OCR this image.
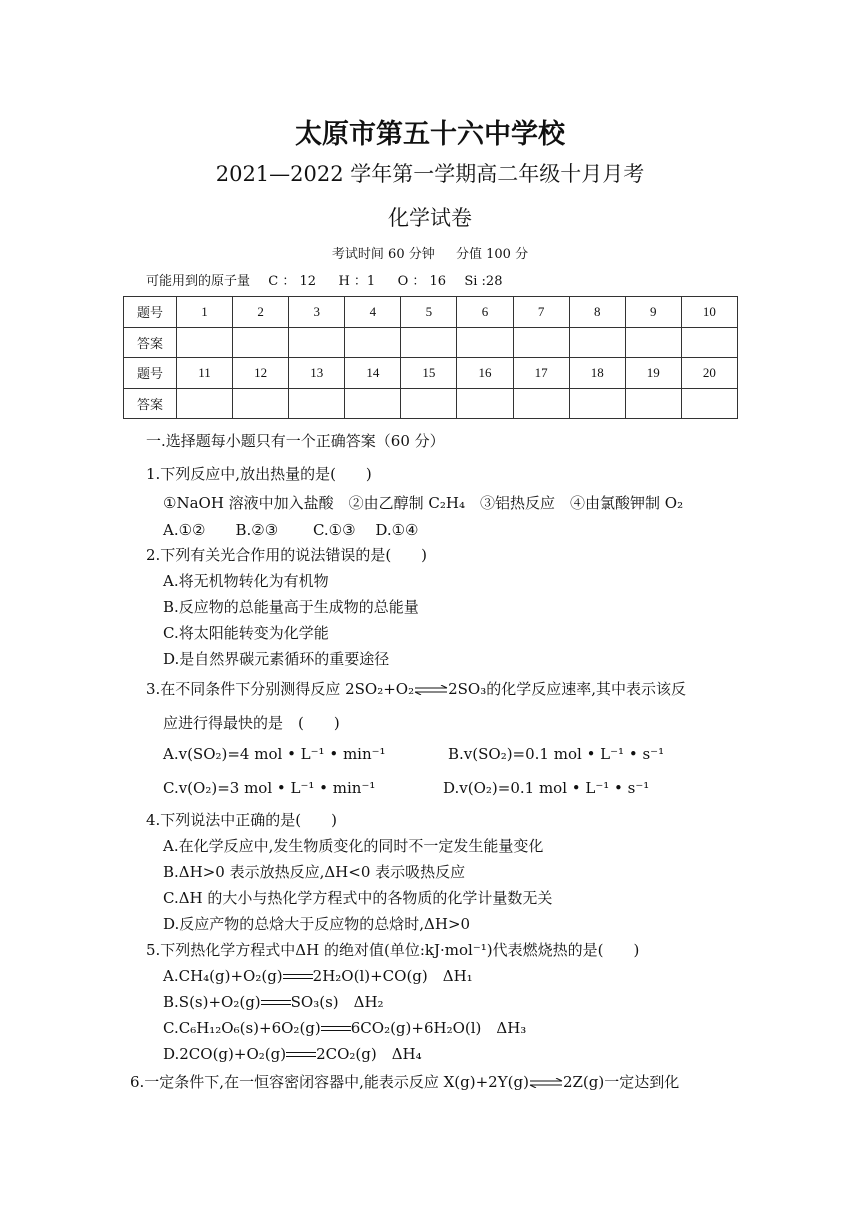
太原市第五十六中学校
2021—2022 学年第一学期高二年级十月月考
化学试卷
考试时间 60 分钟  分值 100 分
可能用到的原子量 C ： 12 H ：1 O ： 16 Si :28
题号	1	2	3	4	5	6	7	8	9	10
答案										
题号	11	12	13	14	15	16	17	18	19	20
答案										
一.选择题每小题只有一个正确答案（60 分）
1.下列反应中,放出热量的是(　　)
①NaOH 溶液中加入盐酸　②由乙醇制 C₂H₄　③铝热反应　④由氯酸钾制 O₂
A.①②　　B.②③　　 C.①③　 D.①④
2.下列有关光合作用的说法错误的是(　　)
A.将无机物转化为有机物
B.反应物的总能量高于生成物的总能量
C.将太阳能转变为化学能
D.是自然界碳元素循环的重要途径
3.在不同条件下分别测得反应 2SO₂+O₂⇌2SO₃的化学反应速率,其中表示该反
应进行得最快的是　(　　)
A.v(SO₂)=4 mol • L⁻¹ • min⁻¹	B.v(SO₂)=0.1 mol • L⁻¹ • s⁻¹
C.v(O₂)=3 mol • L⁻¹ • min⁻¹	D.v(O₂)=0.1 mol • L⁻¹ • s⁻¹
4.下列说法中正确的是(　　)
A.在化学反应中,发生物质变化的同时不一定发生能量变化
B.ΔH>0 表示放热反应,ΔH<0 表示吸热反应
C.ΔH 的大小与热化学方程式中的各物质的化学计量数无关
D.反应产物的总焓大于反应物的总焓时,ΔH>0
5.下列热化学方程式中ΔH 的绝对值(单位:kJ·mol⁻¹)代表燃烧热的是(　　)
A.CH₄(g)+O₂(g) 2H₂O(l)+CO(g)　ΔH₁
B.S(s)+O₂(g) SO₃(s)　ΔH₂
C.C₆H₁₂O₆(s)+6O₂(g) 6CO₂(g)+6H₂O(l)　ΔH₃
D.2CO(g)+O₂(g) 2CO₂(g)　ΔH₄
6.一定条件下,在一恒容密闭容器中,能表示反应 X(g)+2Y(g)⇌2Z(g)一定达到化
